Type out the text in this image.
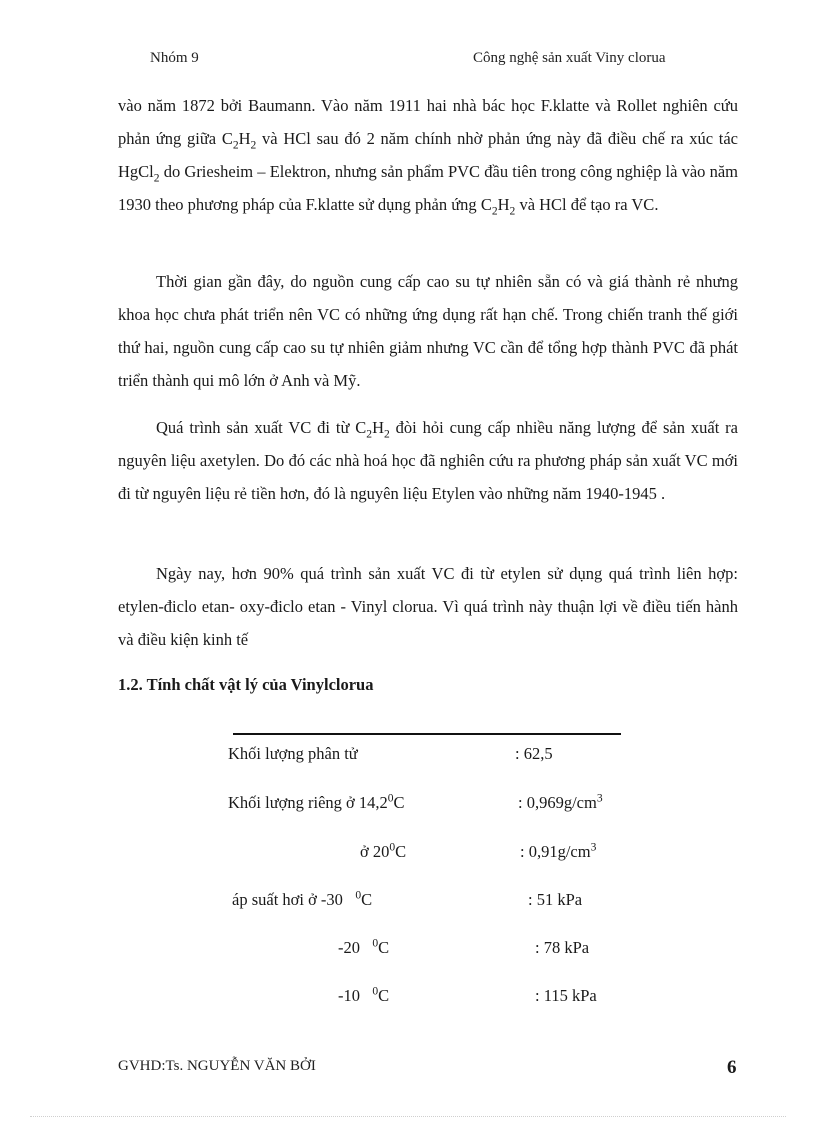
Nhóm 9	Công nghệ sản xuất Viny clorua

vào năm 1872 bởi Baumann. Vào năm 1911 hai nhà bác học F.klatte và Rollet nghiên cứu phản ứng giữa $C_2H_2$ và HCl sau đó 2 năm chính nhờ phản ứng này đã điều chế ra xúc tác HgCl$_2$ do Griesheim – Elektron, nhưng sản phẩm PVC đầu tiên trong công nghiệp là vào năm 1930 theo phương pháp của F.klatte sử dụng phản ứng $C_2H_2$ và HCl để tạo ra VC.

Thời gian gần đây, do nguồn cung cấp cao su tự nhiên sẵn có và giá thành rẻ nhưng khoa học chưa phát triển nên VC có những ứng dụng rất hạn chế. Trong chiến tranh thế giới thứ hai, nguồn cung cấp cao su tự nhiên giảm nhưng VC cần để tổng hợp thành PVC đã phát triển thành qui mô lớn ở Anh và Mỹ.

Quá trình sản xuất VC đi từ $C_2H_2$ đòi hỏi cung cấp nhiều năng lượng để sản xuất ra nguyên liệu axetylen. Do đó các nhà hoá học đã nghiên cứu ra phương pháp sản xuất VC mới đi từ nguyên liệu rẻ tiền hơn, đó là nguyên liệu Etylen vào những năm 1940-1945 .

Ngày nay, hơn 90% quá trình sản xuất VC đi từ etylen sử dụng quá trình liên hợp: etylen-điclo etan- oxy-điclo etan - Vinyl clorua. Vì quá trình này thuận lợi về điều tiến hành và điều kiện kinh tế

1.2. Tính chất vật lý của Vinylclorua
Khối lượng phân tử	: 62,5
Khối lượng riêng ở 14,2$^0$C	: $0,969g/cm^3$
ở $20^0C$	: $0,91g/cm^3$
áp suất hơi ở -30   $^0$C	: 51 kPa
-20   $^0$C	: 78 kPa
-10   $^0$C	: 115 kPa
GVHD:Ts. NGUYỄN VĂN BỞI	6
